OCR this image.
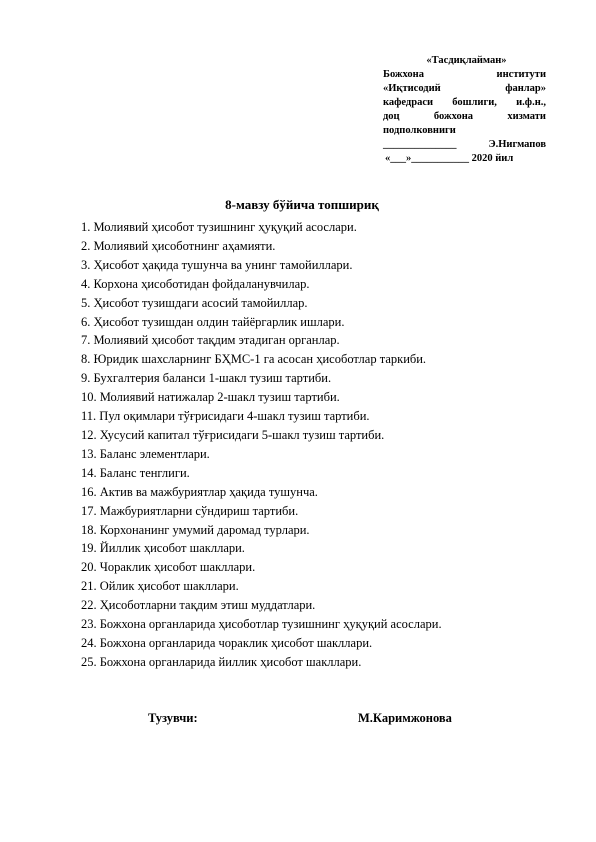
«Тасдиқлайман»
Божхона институти
«Иқтисодий фанлар»
кафедраси бошлиги, и.ф.н.,
доц божхона хизмати
подполковниги
______________	Э.Нигмапов
«___»___________ 2020 йил
8-мавзу бўйича топшириқ
1. Молиявий ҳисобот тузишнинг ҳуқуқий асослари.
2. Молиявий ҳисоботнинг аҳамияти.
3. Ҳисобот ҳақида тушунча ва унинг тамойиллари.
4. Корхона ҳисоботидан фойдаланувчилар.
5. Ҳисобот тузишдаги асосий тамойиллар.
6. Ҳисобот тузишдан олдин тайёргарлик ишлари.
7. Молиявий ҳисобот тақдим этадиган органлар.
8. Юридик шахсларнинг БҲМС-1 га асосан ҳисоботлар таркиби.
9. Бухгалтерия баланси 1-шакл тузиш тартиби.
10. Молиявий натижалар 2-шакл тузиш тартиби.
11. Пул оқимлари тўғрисидаги 4-шакл тузиш тартиби.
12. Хусусий капитал тўғрисидаги 5-шакл тузиш тартиби.
13. Баланс элементлари.
14. Баланс тенглиги.
16. Актив ва мажбуриятлар ҳақида тушунча.
17. Мажбуриятларни сўндириш тартиби.
18. Корхонанинг умумий даромад турлари.
19. Йиллик ҳисобот шакллари.
20. Чораклик ҳисобот шакллари.
21. Ойлик ҳисобот шакллари.
22. Ҳисоботларни тақдим этиш муддатлари.
23. Божхона органларида ҳисоботлар тузишнинг ҳуқуқий асослари.
24. Божхона органларида чораклик ҳисобот шакллари.
25. Божхона органларида йиллик ҳисобот шакллари.
Тузувчи:	М.Каримжонова
